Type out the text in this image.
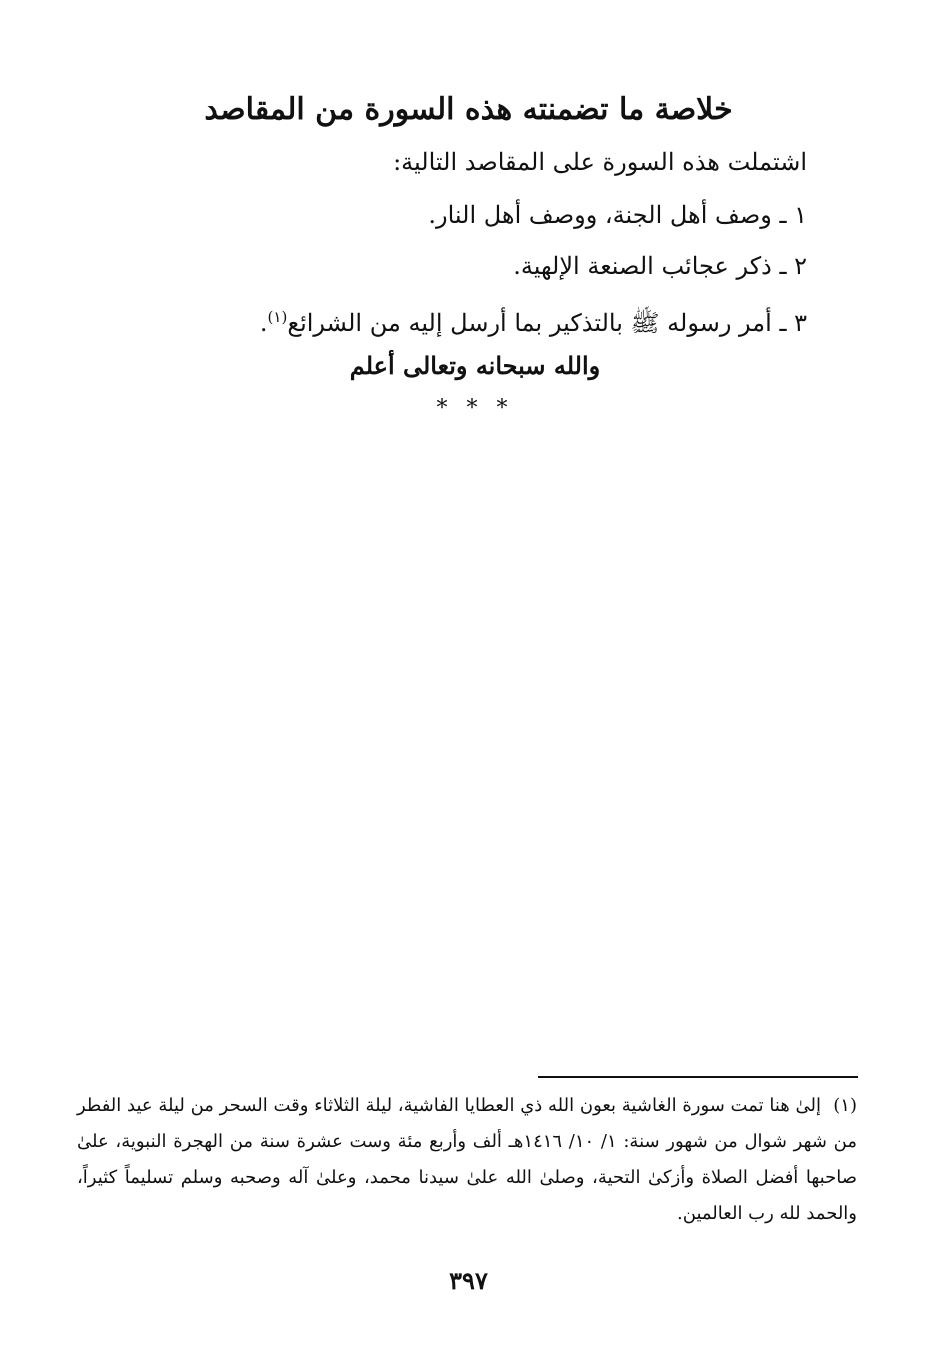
خلاصة ما تضمنته هذه السورة من المقاصد
اشتملت هذه السورة على المقاصد التالية:
١ ـ وصف أهل الجنة، ووصف أهل النار.
٢ ـ ذكر عجائب الصنعة الإلهية.
٣ ـ أمر رسوله ﷺ بالتذكير بما أرسل إليه من الشرائع$^{(١)}$.
والله سبحانه وتعالى أعلم
* * *
(١)إلىٰ هنا تمت سورة الغاشية بعون الله ذي العطايا الفاشية، ليلة الثلاثاء وقت السحر من ليلة عيد الفطر من شهر شوال من شهور سنة: ١/ ١٠/ ١٤١٦هـ ألف وأربع مئة وست عشرة سنة من الهجرة النبوية، علىٰ صاحبها أفضل الصلاة وأزكىٰ التحية، وصلىٰ الله علىٰ سيدنا محمد، وعلىٰ آله وصحبه وسلم تسليماً كثيراً، والحمد لله رب العالمين.
٣٩٧
